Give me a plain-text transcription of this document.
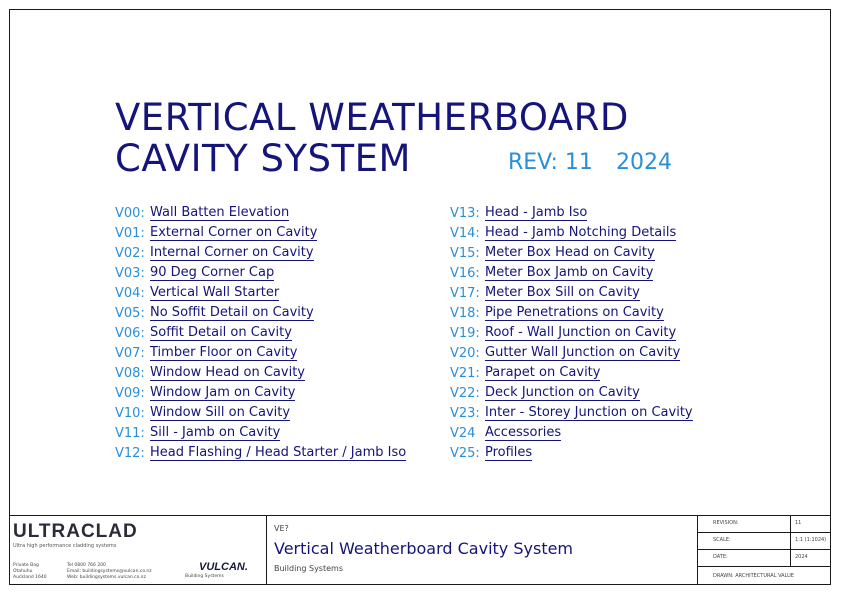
VERTICAL WEATHERBOARD
CAVITY SYSTEM	REV: 11 2024
V00: Wall Batten Elevation
V01: External Corner on Cavity
V02: Internal Corner on Cavity
V03: 90 Deg Corner Cap
V04: Vertical Wall Starter
V05: No Soffit Detail on Cavity
V06: Soffit Detail on Cavity
V07: Timber Floor on Cavity
V08: Window Head on Cavity
V09: Window Jam on Cavity
V10: Window Sill on Cavity
V11: Sill - Jamb on Cavity
V12: Head Flashing / Head Starter / Jamb Iso
V13: Head - Jamb Iso
V14: Head - Jamb Notching Details
V15: Meter Box Head on Cavity
V16: Meter Box Jamb on Cavity
V17: Meter Box Sill on Cavity
V18: Pipe Penetrations on Cavity
V19: Roof - Wall Junction on Cavity
V20: Gutter Wall Junction on Cavity
V21: Parapet on Cavity
V22: Deck Junction on Cavity
V23: Inter - Storey Junction on Cavity
V24 Accessories
V25: Profiles
ULTRACLAD
Ultra high performance cladding systems
Private Bag
Otahuhu
Auckland 1640
Tel 0800 766 200
Email: buildingsystems@vulcan.co.nz
Web: buildingsystems.vulcan.co.nz
VULCAN.
Building Systems
VE?
Vertical Weatherboard Cavity System
Building Systems
REVISION:	11
SCALE:	1:1 (1:1024)
DATE:	2024
DRAWN: ARCHITECTURAL VALUE
